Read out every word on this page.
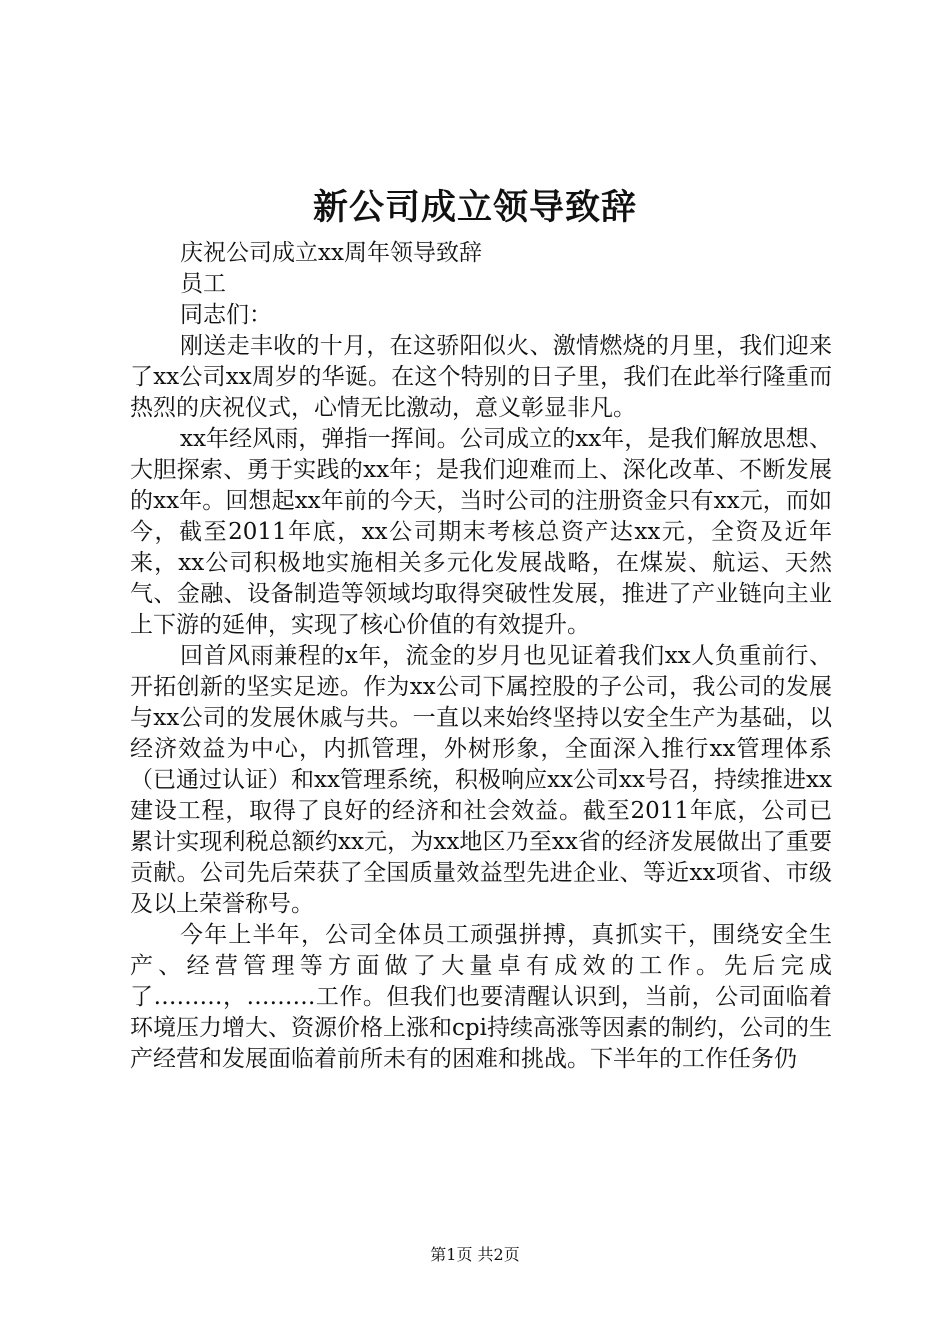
新公司成立领导致辞
庆祝公司成立xx周年领导致辞
员工
同志们：

刚送走丰收的十月，在这骄阳似火、激情燃烧的月里，我们迎来了xx公司xx周岁的华诞。在这个特别的日子里，我们在此举行隆重而热烈的庆祝仪式，心情无比激动，意义彰显非凡。

xx年经风雨，弹指一挥间。公司成立的xx年，是我们解放思想、大胆探索、勇于实践的xx年；是我们迎难而上、深化改革、不断发展的xx年。回想起xx年前的今天，当时公司的注册资金只有xx元，而如今，截至2011年底，xx公司期末考核总资产达xx元，全资及近年来，xx公司积极地实施相关多元化发展战略，在煤炭、航运、天然气、金融、设备制造等领域均取得突破性发展，推进了产业链向主业上下游的延伸，实现了核心价值的有效提升。

回首风雨兼程的x年，流金的岁月也见证着我们xx人负重前行、开拓创新的坚实足迹。作为xx公司下属控股的子公司，我公司的发展与xx公司的发展休戚与共。一直以来始终坚持以安全生产为基础，以经济效益为中心，内抓管理，外树形象，全面深入推行xx管理体系（已通过认证）和xx管理系统，积极响应xx公司xx号召，持续推进xx建设工程，取得了良好的经济和社会效益。截至2011年底，公司已累计实现利税总额约xx元，为xx地区乃至xx省的经济发展做出了重要贡献。公司先后荣获了全国质量效益型先进企业、等近xx项省、市级及以上荣誉称号。

今年上半年，公司全体员工顽强拼搏，真抓实干，围绕安全生产、经营管理等方面做了大量卓有成效的工作。先后完成了………，………工作。但我们也要清醒认识到，当前，公司面临着环境压力增大、资源价格上涨和cpi持续高涨等因素的制约，公司的生产经营和发展面临着前所未有的困难和挑战。下半年的工作任务仍

第1页 共2页
